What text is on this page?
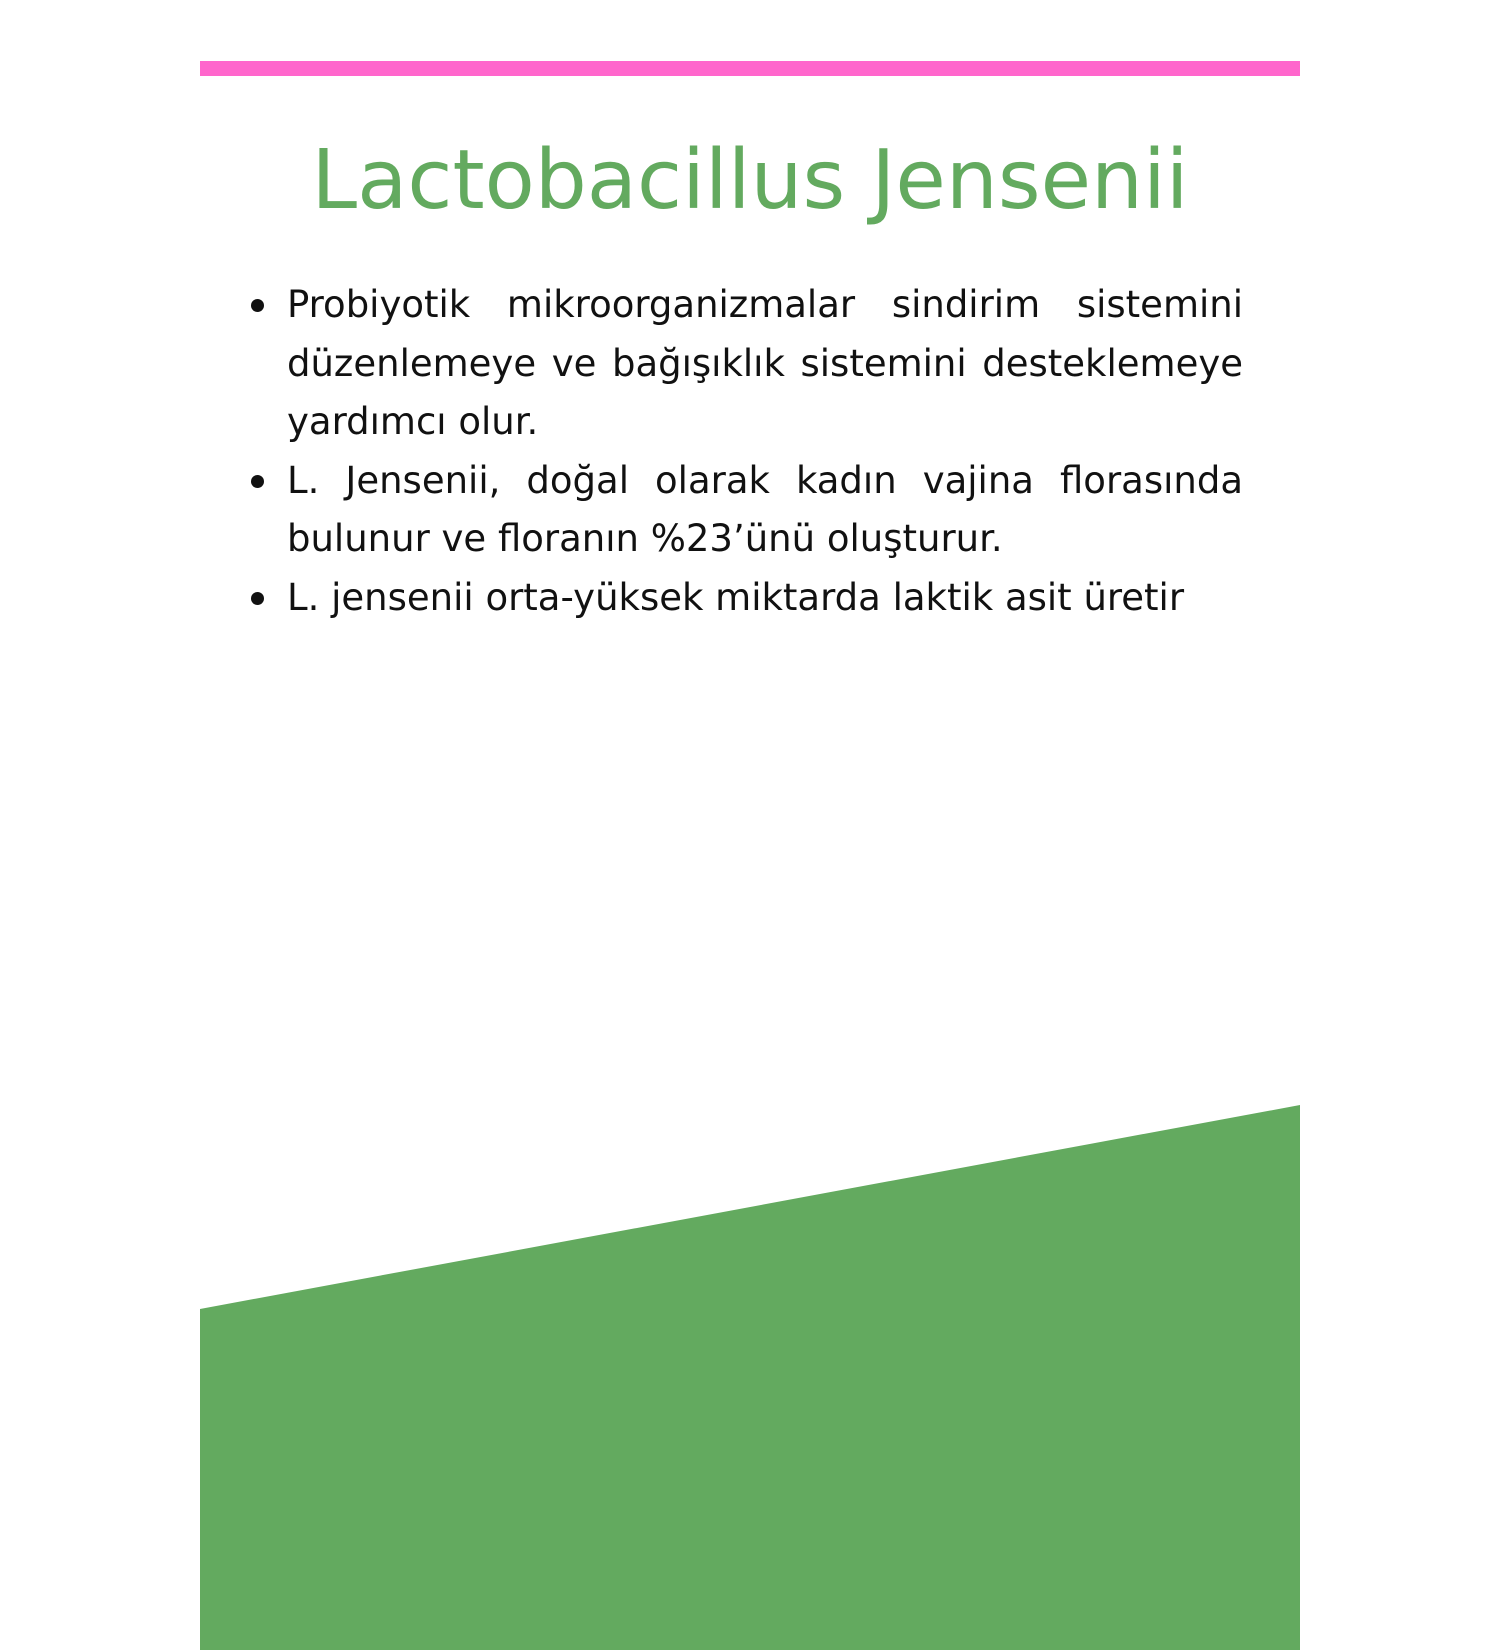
Lactobacillus Jensenii
Probiyotik mikroorganizmalar sindirim sistemini düzenlemeye ve bağışıklık sistemini desteklemeye yardımcı olur.
L. Jensenii, doğal olarak kadın vajina florasında bulunur ve floranın %23’ünü oluşturur.
L. jensenii orta-yüksek miktarda laktik asit üretir
